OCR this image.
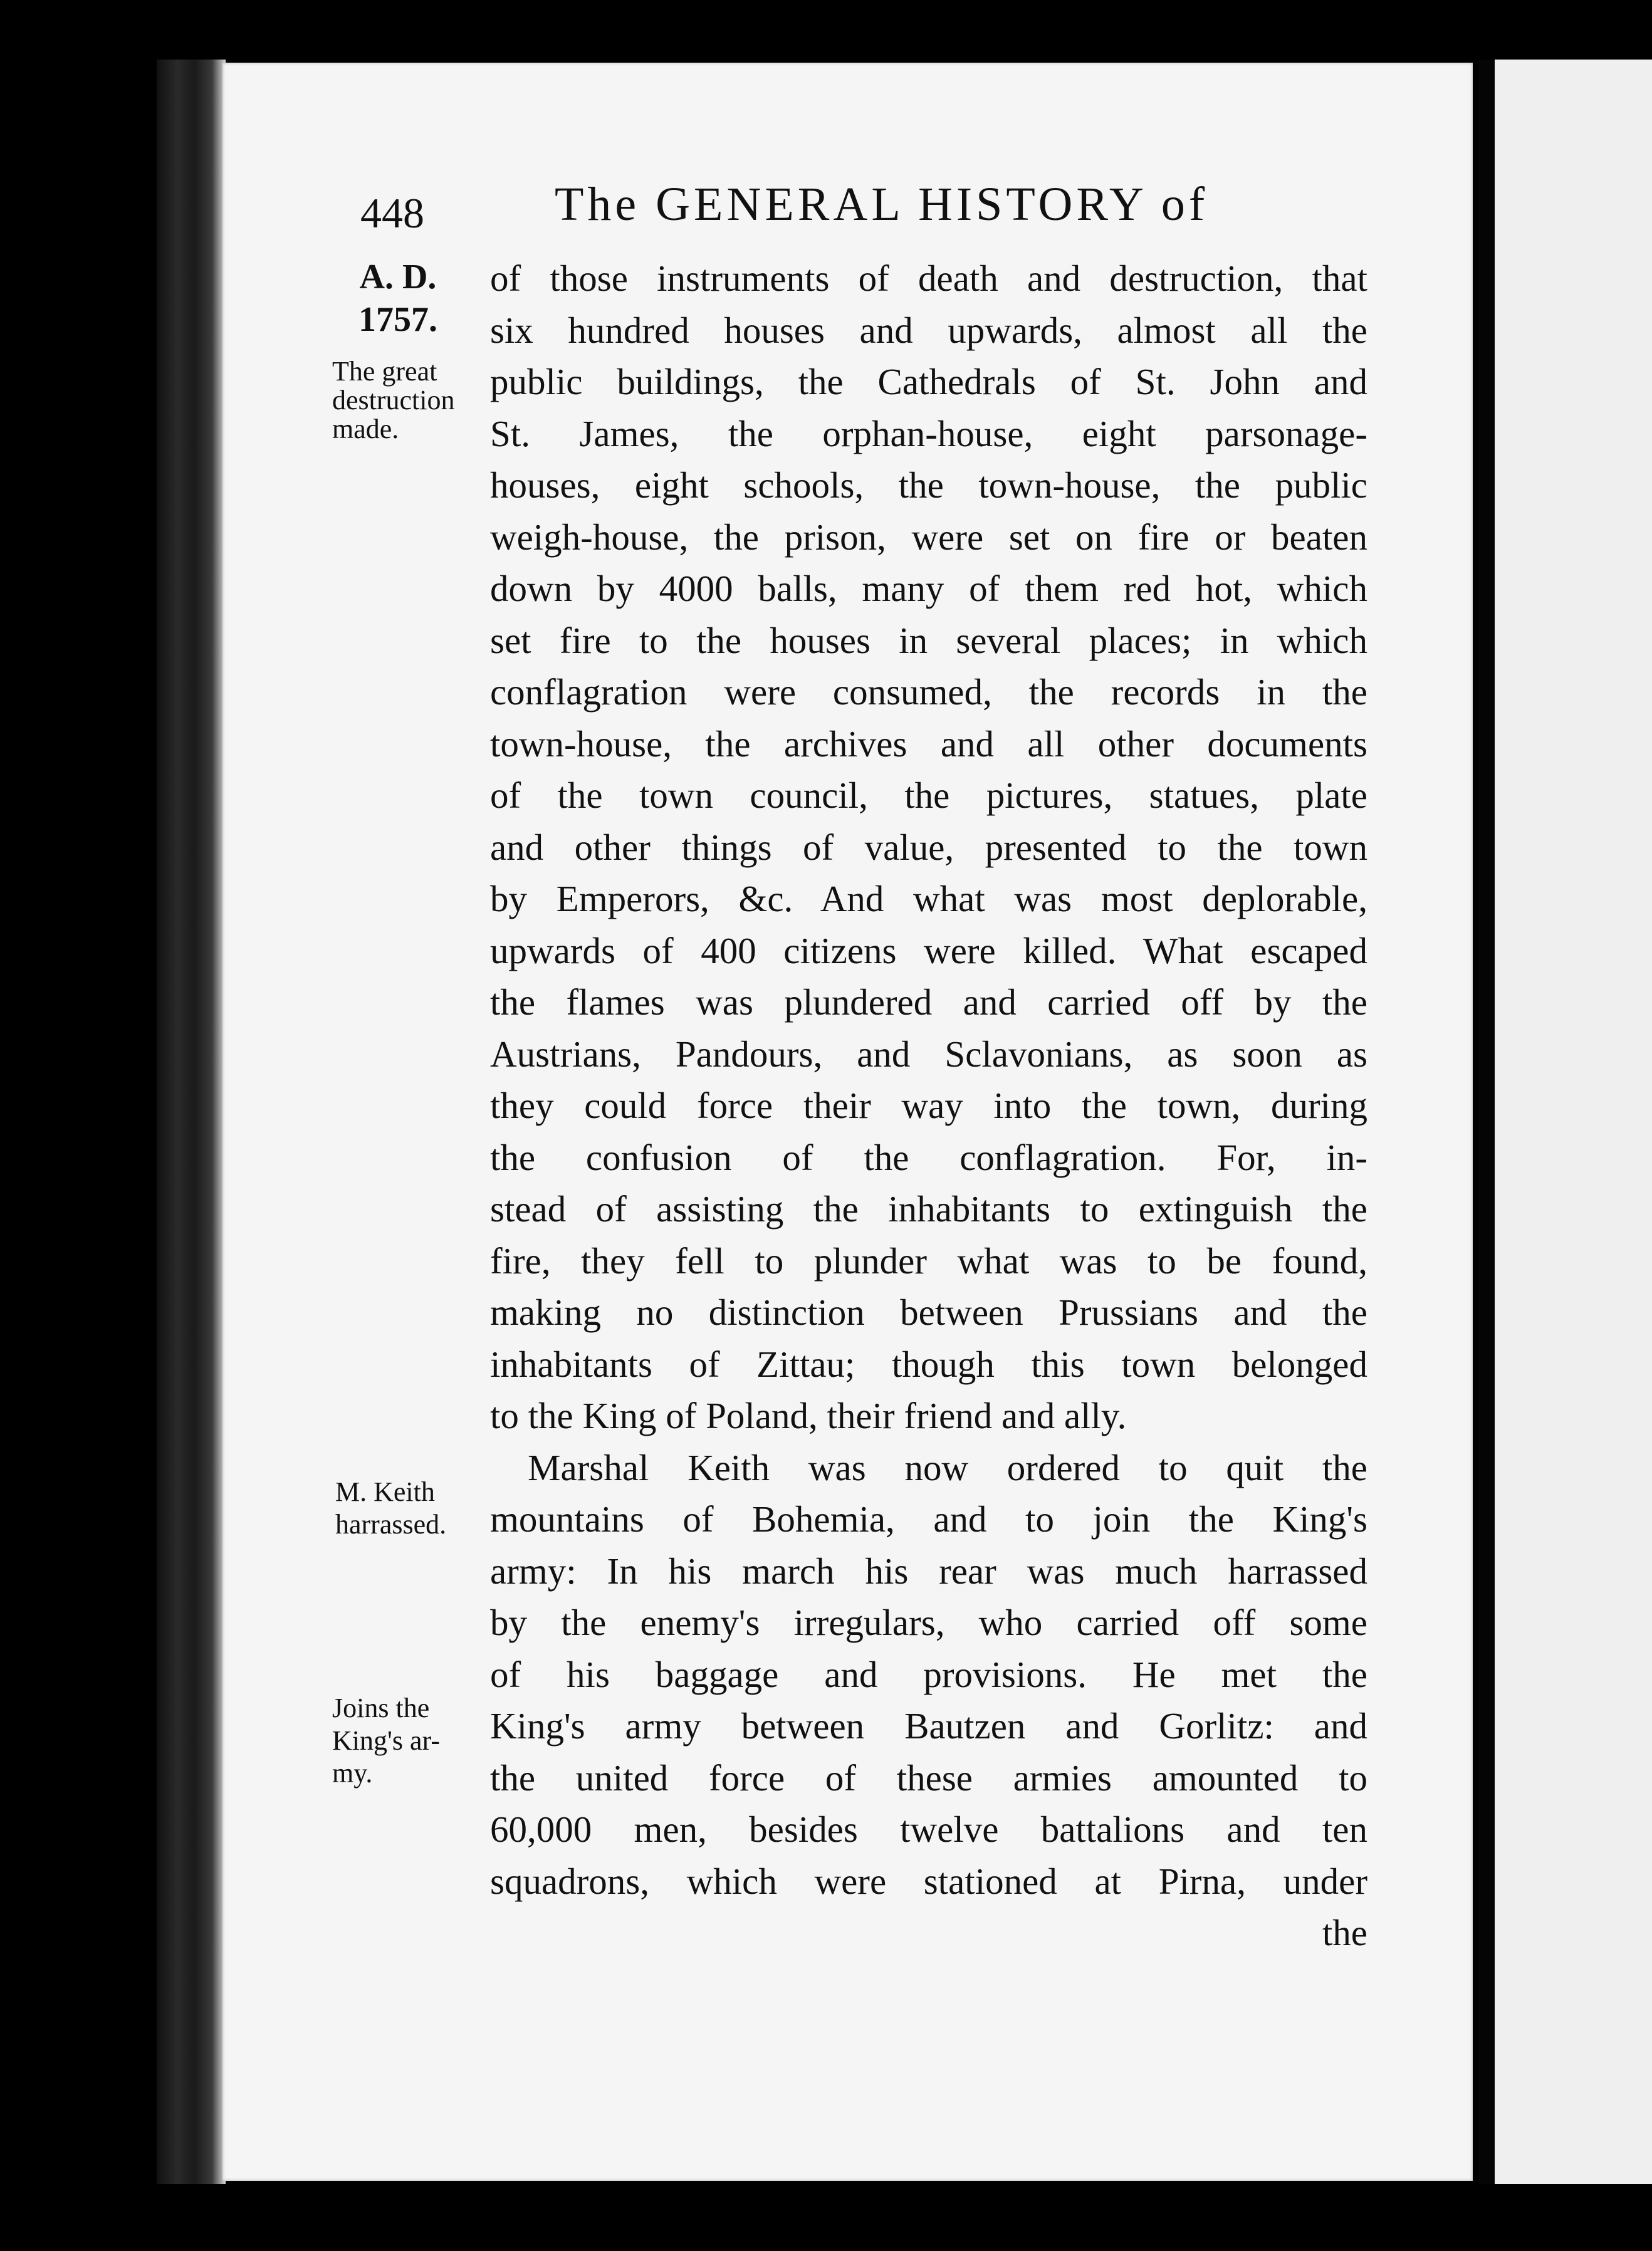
448	The GENERAL HISTORY of
A. D.
1757.
The great
destruction
made.
M. Keith
harrassed.
Joins the
King's ar-
my.
of those instruments of death and destruction, that
six hundred houses and upwards, almost all the
public buildings, the Cathedrals of St. John and
St. James, the orphan-house, eight parsonage-
houses, eight schools, the town-house, the public
weigh-house, the prison, were set on fire or beaten
down by 4000 balls, many of them red hot, which
set fire to the houses in several places; in which
conflagration were consumed, the records in the
town-house, the archives and all other documents
of the town council, the pictures, statues, plate
and other things of value, presented to the town
by Emperors, &c. And what was most deplorable,
upwards of 400 citizens were killed. What escaped
the flames was plundered and carried off by the
Austrians, Pandours, and Sclavonians, as soon as
they could force their way into the town, during
the confusion of the conflagration. For, in-
stead of assisting the inhabitants to extinguish the
fire, they fell to plunder what was to be found,
making no distinction between Prussians and the
inhabitants of Zittau; though this town belonged
to the King of Poland, their friend and ally.
Marshal Keith was now ordered to quit the
mountains of Bohemia, and to join the King's
army: In his march his rear was much harrassed
by the enemy's irregulars, who carried off some
of his baggage and provisions. He met the
King's army between Bautzen and Gorlitz: and
the united force of these armies amounted to
60,000 men, besides twelve battalions and ten
squadrons, which were stationed at Pirna, under
the
